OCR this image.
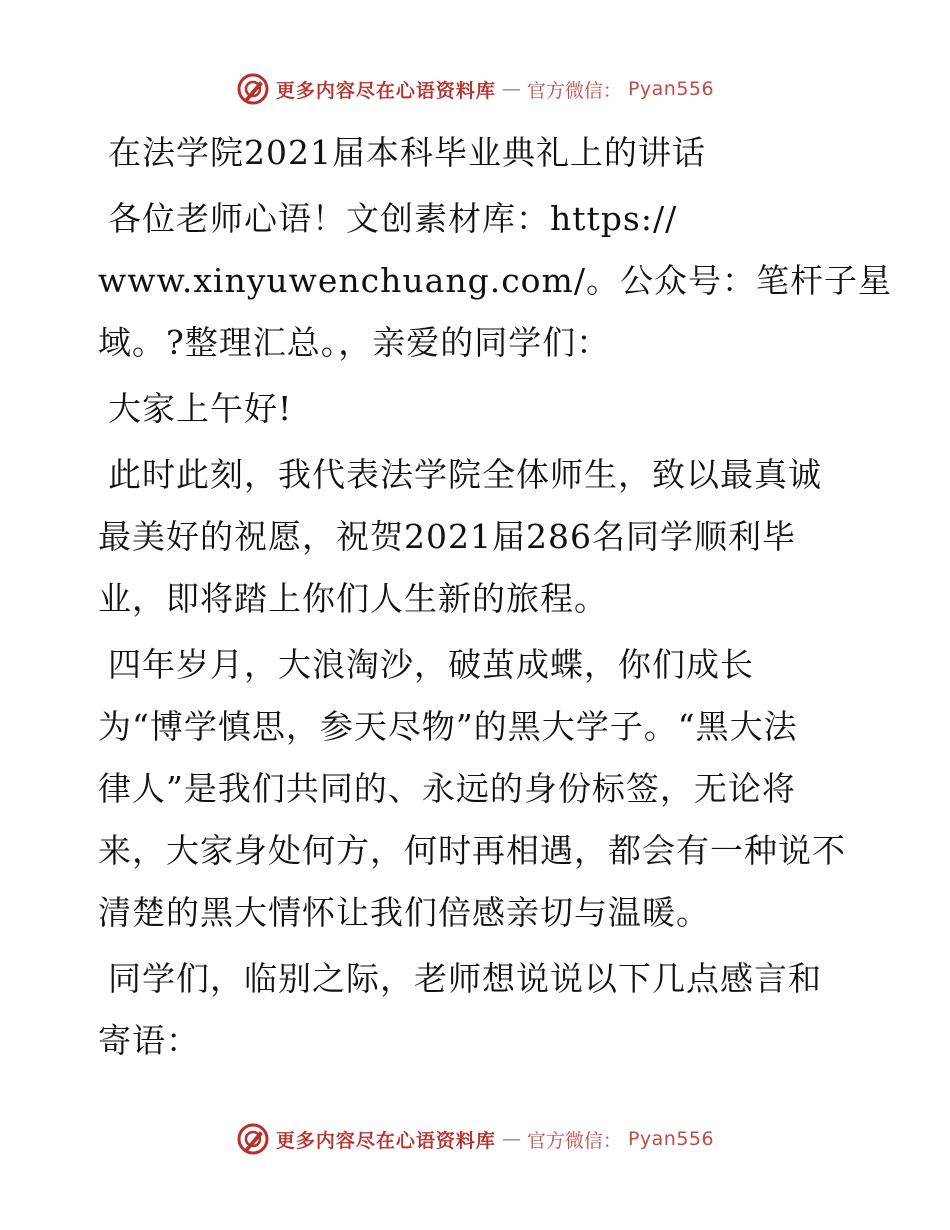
更多内容尽在心语资料库 — 官方微信： Pyan556

在法学院2021届本科毕业典礼上的讲话

各位老师心语！文创素材库：https://
www.xinyuwenchuang.com/。公众号：笔杆子星
域。?整理汇总。，亲爱的同学们：

大家上午好!

此时此刻，我代表法学院全体师生，致以最真诚
最美好的祝愿，祝贺2021届286名同学顺利毕
业，即将踏上你们人生新的旅程。

四年岁月，大浪淘沙，破茧成蝶，你们成长
为“博学慎思，参天尽物”的黑大学子。“黑大法
律人”是我们共同的、永远的身份标签，无论将
来，大家身处何方，何时再相遇，都会有一种说不
清楚的黑大情怀让我们倍感亲切与温暖。

同学们，临别之际，老师想说说以下几点感言和
寄语：

更多内容尽在心语资料库 — 官方微信： Pyan556
